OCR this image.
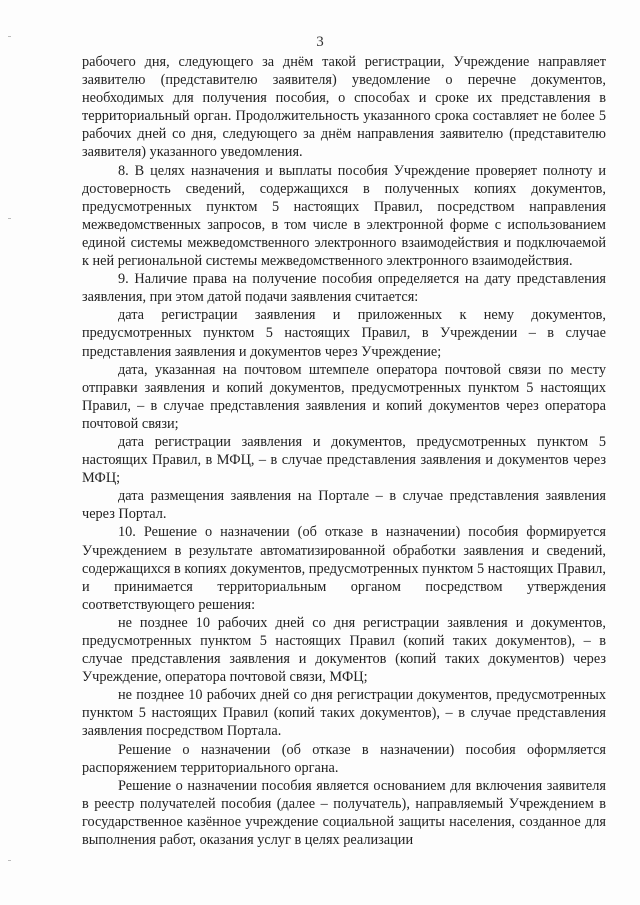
3

рабочего дня, следующего за днём такой регистрации, Учреждение направляет заявителю (представителю заявителя) уведомление о перечне документов, необходимых для получения пособия, о способах и сроке их представления в территориальный орган. Продолжительность указанного срока составляет не более 5 рабочих дней со дня, следующего за днём направления заявителю (представителю заявителя) указанного уведомления.

8. В целях назначения и выплаты пособия Учреждение проверяет полноту и достоверность сведений, содержащихся в полученных копиях документов, предусмотренных пунктом 5 настоящих Правил, посредством направления межведомственных запросов, в том числе в электронной форме с использованием единой системы межведомственного электронного взаимодействия и подключаемой к ней региональной системы межведомственного электронного взаимодействия.

9. Наличие права на получение пособия определяется на дату представления заявления, при этом датой подачи заявления считается:

дата регистрации заявления и приложенных к нему документов, предусмотренных пунктом 5 настоящих Правил, в Учреждении – в случае представления заявления и документов через Учреждение;

дата, указанная на почтовом штемпеле оператора почтовой связи по месту отправки заявления и копий документов, предусмотренных пунктом 5 настоящих Правил, – в случае представления заявления и копий документов через оператора почтовой связи;

дата регистрации заявления и документов, предусмотренных пунктом 5 настоящих Правил, в МФЦ, – в случае представления заявления и документов через МФЦ;

дата размещения заявления на Портале – в случае представления заявления через Портал.

10. Решение о назначении (об отказе в назначении) пособия формируется Учреждением в результате автоматизированной обработки заявления и сведений, содержащихся в копиях документов, предусмотренных пунктом 5 настоящих Правил, и принимается территориальным органом посредством утверждения соответствующего решения:

не позднее 10 рабочих дней со дня регистрации заявления и документов, предусмотренных пунктом 5 настоящих Правил (копий таких документов), – в случае представления заявления и документов (копий таких документов) через Учреждение, оператора почтовой связи, МФЦ;

не позднее 10 рабочих дней со дня регистрации документов, предусмотренных пунктом 5 настоящих Правил (копий таких документов), – в случае представления заявления посредством Портала.

Решение о назначении (об отказе в назначении) пособия оформляется распоряжением территориального органа.

Решение о назначении пособия является основанием для включения заявителя в реестр получателей пособия (далее – получатель), направляемый Учреждением в государственное казённое учреждение социальной защиты населения, созданное для выполнения работ, оказания услуг в целях реализации
